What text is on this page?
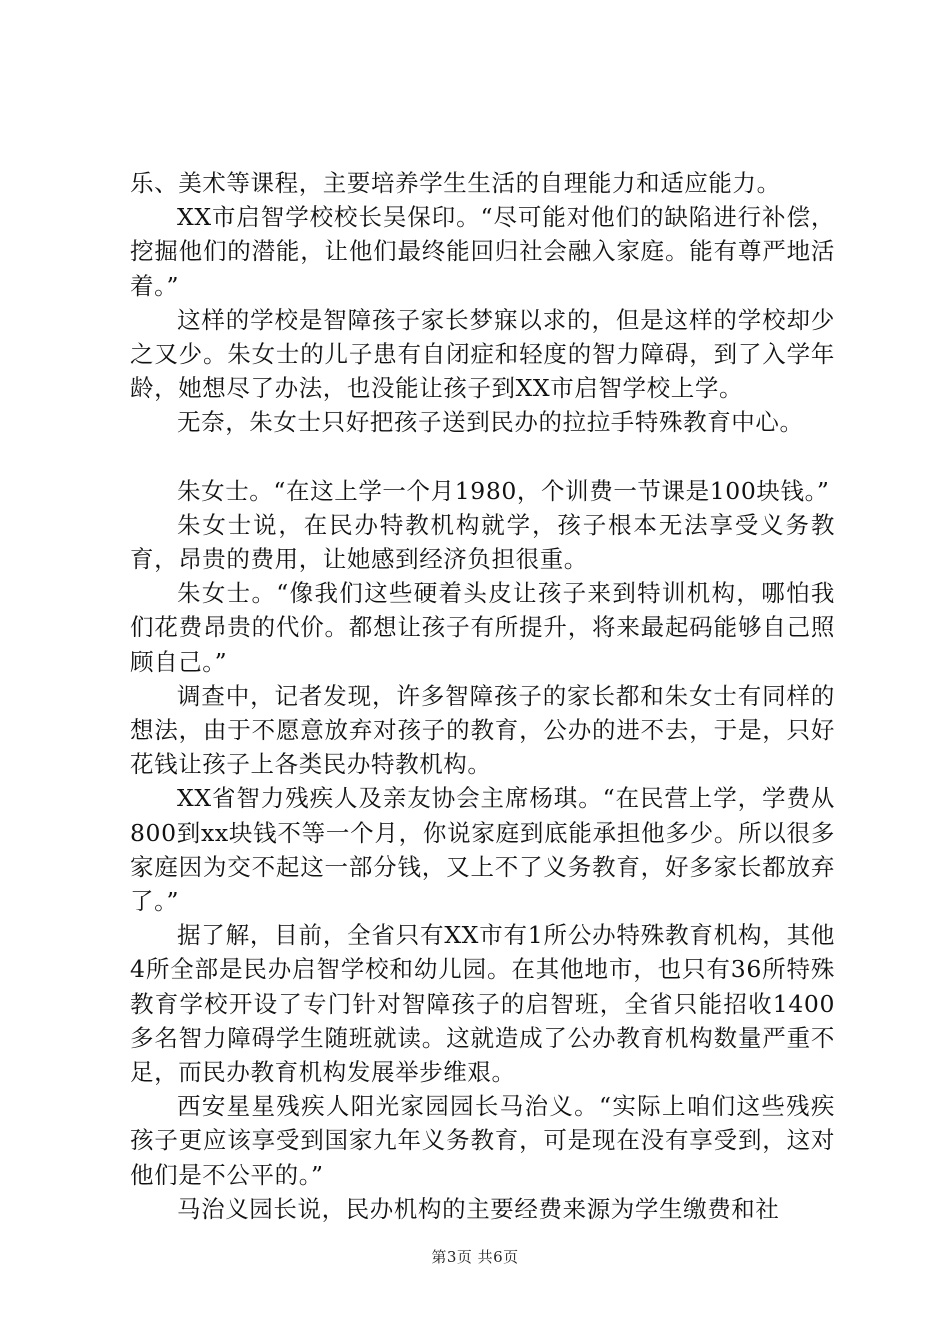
乐、美术等课程，主要培养学生生活的自理能力和适应能力。

XX市启智学校校长吴保印。“尽可能对他们的缺陷进行补偿，挖掘他们的潜能，让他们最终能回归社会融入家庭。能有尊严地活着。”

这样的学校是智障孩子家长梦寐以求的，但是这样的学校却少之又少。朱女士的儿子患有自闭症和轻度的智力障碍，到了入学年龄，她想尽了办法，也没能让孩子到XX市启智学校上学。

无奈，朱女士只好把孩子送到民办的拉拉手特殊教育中心。

朱女士。“在这上学一个月1980，个训费一节课是100块钱。”

朱女士说，在民办特教机构就学，孩子根本无法享受义务教育，昂贵的费用，让她感到经济负担很重。

朱女士。“像我们这些硬着头皮让孩子来到特训机构，哪怕我们花费昂贵的代价。都想让孩子有所提升，将来最起码能够自己照顾自己。”

调查中，记者发现，许多智障孩子的家长都和朱女士有同样的想法，由于不愿意放弃对孩子的教育，公办的进不去，于是，只好花钱让孩子上各类民办特教机构。

XX省智力残疾人及亲友协会主席杨琪。“在民营上学，学费从800到xx块钱不等一个月，你说家庭到底能承担他多少。所以很多家庭因为交不起这一部分钱，又上不了义务教育，好多家长都放弃了。”

据了解，目前，全省只有XX市有1所公办特殊教育机构，其他4所全部是民办启智学校和幼儿园。在其他地市，也只有36所特殊教育学校开设了专门针对智障孩子的启智班，全省只能招收1400多名智力障碍学生随班就读。这就造成了公办教育机构数量严重不足，而民办教育机构发展举步维艰。

西安星星残疾人阳光家园园长马治义。“实际上咱们这些残疾孩子更应该享受到国家九年义务教育，可是现在没有享受到，这对他们是不公平的。”

马治义园长说，民办机构的主要经费来源为学生缴费和社

第3页 共6页
